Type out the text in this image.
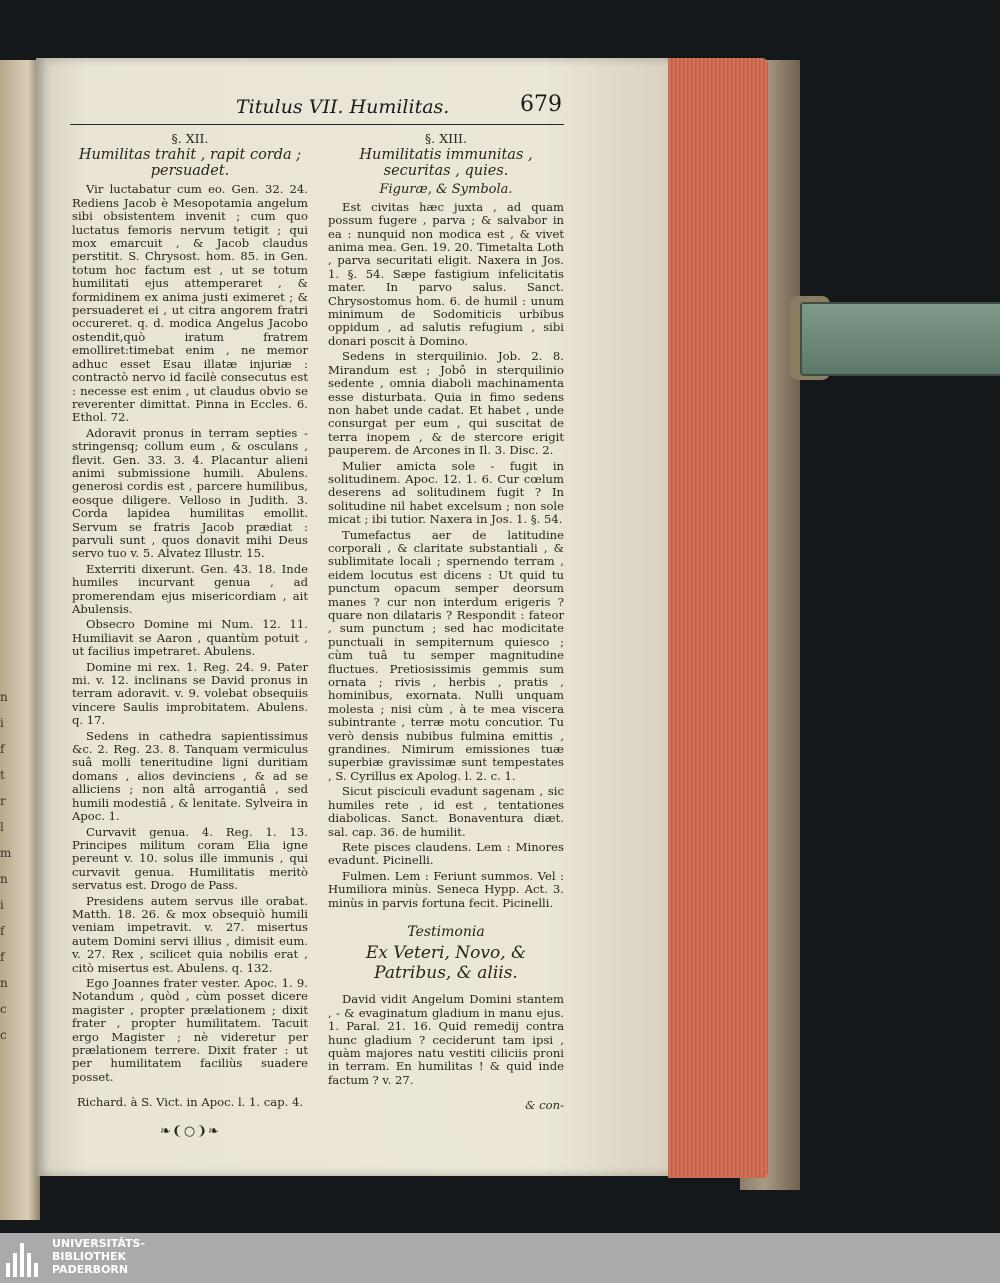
n
i
f
t
r
l
m
n
i
f
f
n
c
c
Titulus VII. Humilitas.	679

§. XII.

Humilitas trahit , rapit corda ; persuadet.

Vir luctabatur cum eo. Gen. 32. 24. Rediens Jacob è Mesopotamia angelum sibi obsistentem invenit ; cum quo luctatus femoris nervum tetigit ; qui mox emarcuit , & Jacob claudus perstitit. S. Chrysost. hom. 85. in Gen. totum hoc factum est , ut se totum humilitati ejus attemperaret , & formidinem ex anima justi eximeret ; & persuaderet ei , ut citra angorem fratri occureret. q. d. modica Angelus Jacobo ostendit,quò iratum fratrem emolliret:timebat enim , ne memor adhuc esset Esau illatæ injuriæ : contractò nervo id facilè consecutus est : necesse est enim , ut claudus obvio se reverenter dimittat. Pinna in Eccles. 6. Ethol. 72.

Adoravit pronus in terram septies - stringensq; collum eum , & osculans , flevit. Gen. 33. 3. 4. Placantur alieni animi submissione humili. Abulens. generosi cordis est , parcere humilibus, eosque diligere. Velloso in Judith. 3. Corda lapidea humilitas emollit. Servum se fratris Jacob prædiat : parvuli sunt , quos donavit mihi Deus servo tuo v. 5. Alvatez Illustr. 15.

Exterriti dixerunt. Gen. 43. 18. Inde humiles incurvant genua , ad promerendam ejus misericordiam , ait Abulensis.

Obsecro Domine mi Num. 12. 11. Humiliavit se Aaron , quantùm potuit , ut facilius impetraret. Abulens.

Domine mi rex. 1. Reg. 24. 9. Pater mi. v. 12. inclinans se David pronus in terram adoravit. v. 9. volebat obsequiis vincere Saulis improbitatem. Abulens. q. 17.

Sedens in cathedra sapientissimus &c. 2. Reg. 23. 8. Tanquam vermiculus suâ molli teneritudine ligni duritiam domans , alios devinciens , & ad se alliciens ; non altâ arrogantiâ , sed humili modestiâ , & lenitate. Sylveira in Apoc. 1.

Curvavit genua. 4. Reg. 1. 13. Principes militum coram Elia igne pereunt v. 10. solus ille immunis , qui curvavit genua. Humilitatis meritò servatus est. Drogo de Pass.

Presidens autem servus ille orabat. Matth. 18. 26. & mox obsequiò humili veniam impetravit. v. 27. misertus autem Domini servi illius , dimisit eum. v. 27. Rex , scilicet quia nobilis erat , citò misertus est. Abulens. q. 132.

Ego Joannes frater vester. Apoc. 1. 9. Notandum , quòd , cùm posset dicere magister , propter prælationem ; dixit frater , propter humilitatem. Tacuit ergo Magister ; nè videretur per prælationem terrere. Dixit frater : ut per humilitatem faciliùs suadere posset.

Richard. à S. Vict. in Apoc. l. 1. cap. 4.

❧❨○❩❧

§. XIII.

Humilitatis immunitas , securitas , quies.

Figuræ, & Symbola.

Est civitas hæc juxta , ad quam possum fugere , parva ; & salvabor in ea : nunquid non modica est , & vivet anima mea. Gen. 19. 20. Timetalta Loth , parva securitati eligit. Naxera in Jos. 1. §. 54. Sæpe fastigium infelicitatis mater. In parvo salus. Sanct. Chrysostomus hom. 6. de humil : unum minimum de Sodomiticis urbibus oppidum , ad salutis refugium , sibi donari poscit à Domino.

Sedens in sterquilinio. Job. 2. 8. Mirandum est ; Jobô in sterquilinio sedente , omnia diaboli machinamenta esse disturbata. Quia in fimo sedens non habet unde cadat. Et habet , unde consurgat per eum , qui suscitat de terra inopem , & de stercore erigit pauperem. de Arcones in Il. 3. Disc. 2.

Mulier amicta sole - fugit in solitudinem. Apoc. 12. 1. 6. Cur cœlum deserens ad solitudinem fugit ? In solitudine nil habet excelsum ; non sole micat ; ibi tutior. Naxera in Jos. 1. §. 54.

Tumefactus aer de latitudine corporali , & claritate substantiali , & sublimitate locali ; spernendo terram , eidem locutus est dicens : Ut quid tu punctum opacum semper deorsum manes ? cur non interdum erigeris ? quare non dilataris ? Respondit : fateor , sum punctum ; sed hac modicitate punctuali in sempiternum quiesco ; cùm tuâ tu semper magnitudine fluctues. Pretiosissimis gemmis sum ornata ; rivis , herbis , pratis , hominibus, exornata. Nulli unquam molesta ; nisi cùm , à te mea viscera subintrante , terræ motu concutior. Tu verò densis nubibus fulmina emittis , grandines. Nimirum emissiones tuæ superbiæ gravissimæ sunt tempestates , S. Cyrillus ex Apolog. l. 2. c. 1.

Sicut pisciculi evadunt sagenam , sic humiles rete , id est , tentationes diabolicas. Sanct. Bonaventura diæt. sal. cap. 36. de humilit.

Rete pisces claudens. Lem : Minores evadunt. Picinelli.

Fulmen. Lem : Feriunt summos. Vel : Humiliora minùs. Seneca Hypp. Act. 3. minùs in parvis fortuna fecit. Picinelli.

Testimonia

Ex Veteri, Novo, & Patribus, & aliis.

David vidit Angelum Domini stantem , - & evaginatum gladium in manu ejus. 1. Paral. 21. 16. Quid remedij contra hunc gladium ? ceciderunt tam ipsi , quàm majores natu vestiti ciliciis proni in terram. En humilitas ! & quid inde factum ? v. 27.

& con-

UNIVERSITÄTS-
BIBLIOTHEK
PADERBORN
